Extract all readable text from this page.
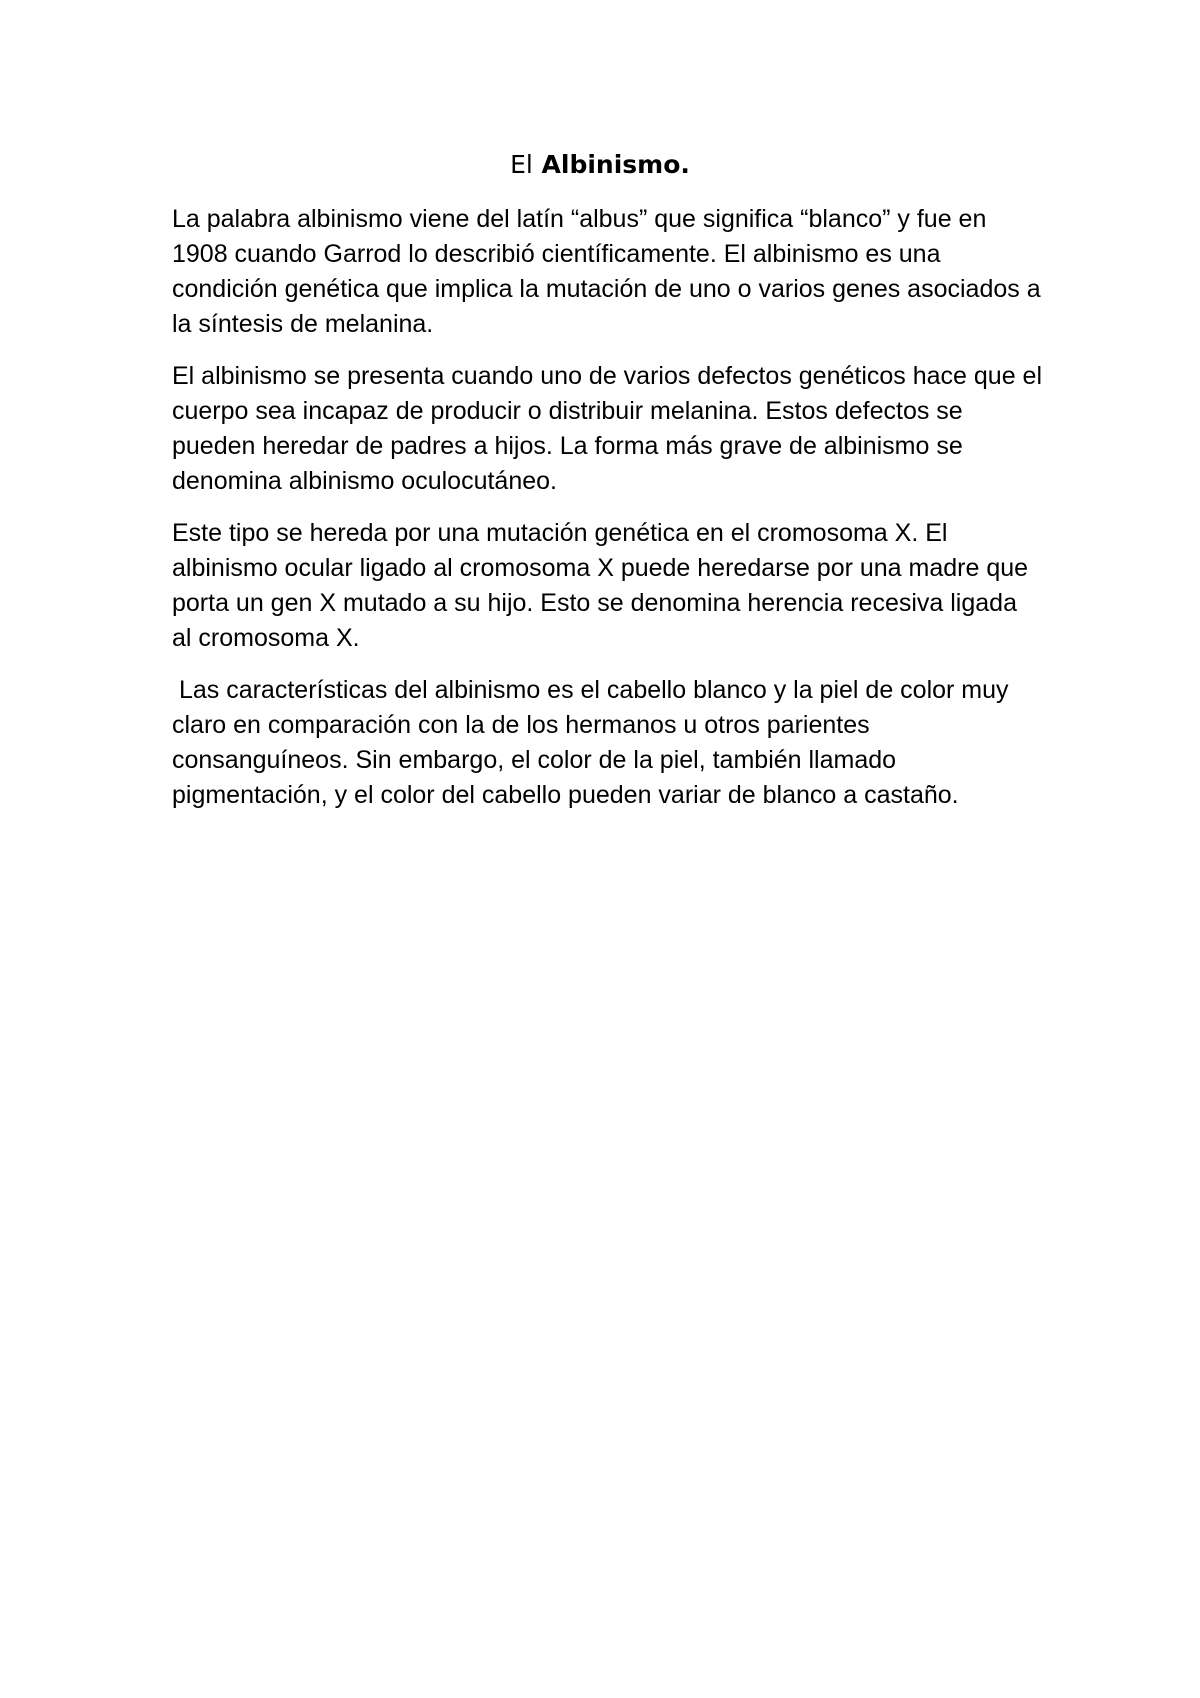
El Albinismo.

La palabra albinismo viene del latín “albus” que significa “blanco” y fue en 1908 cuando Garrod lo describió científicamente. El albinismo es una condición genética que implica la mutación de uno o varios genes asociados a la síntesis de melanina.

El albinismo se presenta cuando uno de varios defectos genéticos hace que el cuerpo sea incapaz de producir o distribuir melanina. Estos defectos se pueden heredar de padres a hijos. La forma más grave de albinismo se denomina albinismo oculocutáneo.

Este tipo se hereda por una mutación genética en el cromosoma X. El albinismo ocular ligado al cromosoma X puede heredarse por una madre que porta un gen X mutado a su hijo. Esto se denomina herencia recesiva ligada al cromosoma X.

Las características del albinismo es el cabello blanco y la piel de color muy claro en comparación con la de los hermanos u otros parientes consanguíneos. Sin embargo, el color de la piel, también llamado pigmentación, y el color del cabello pueden variar de blanco a castaño.
